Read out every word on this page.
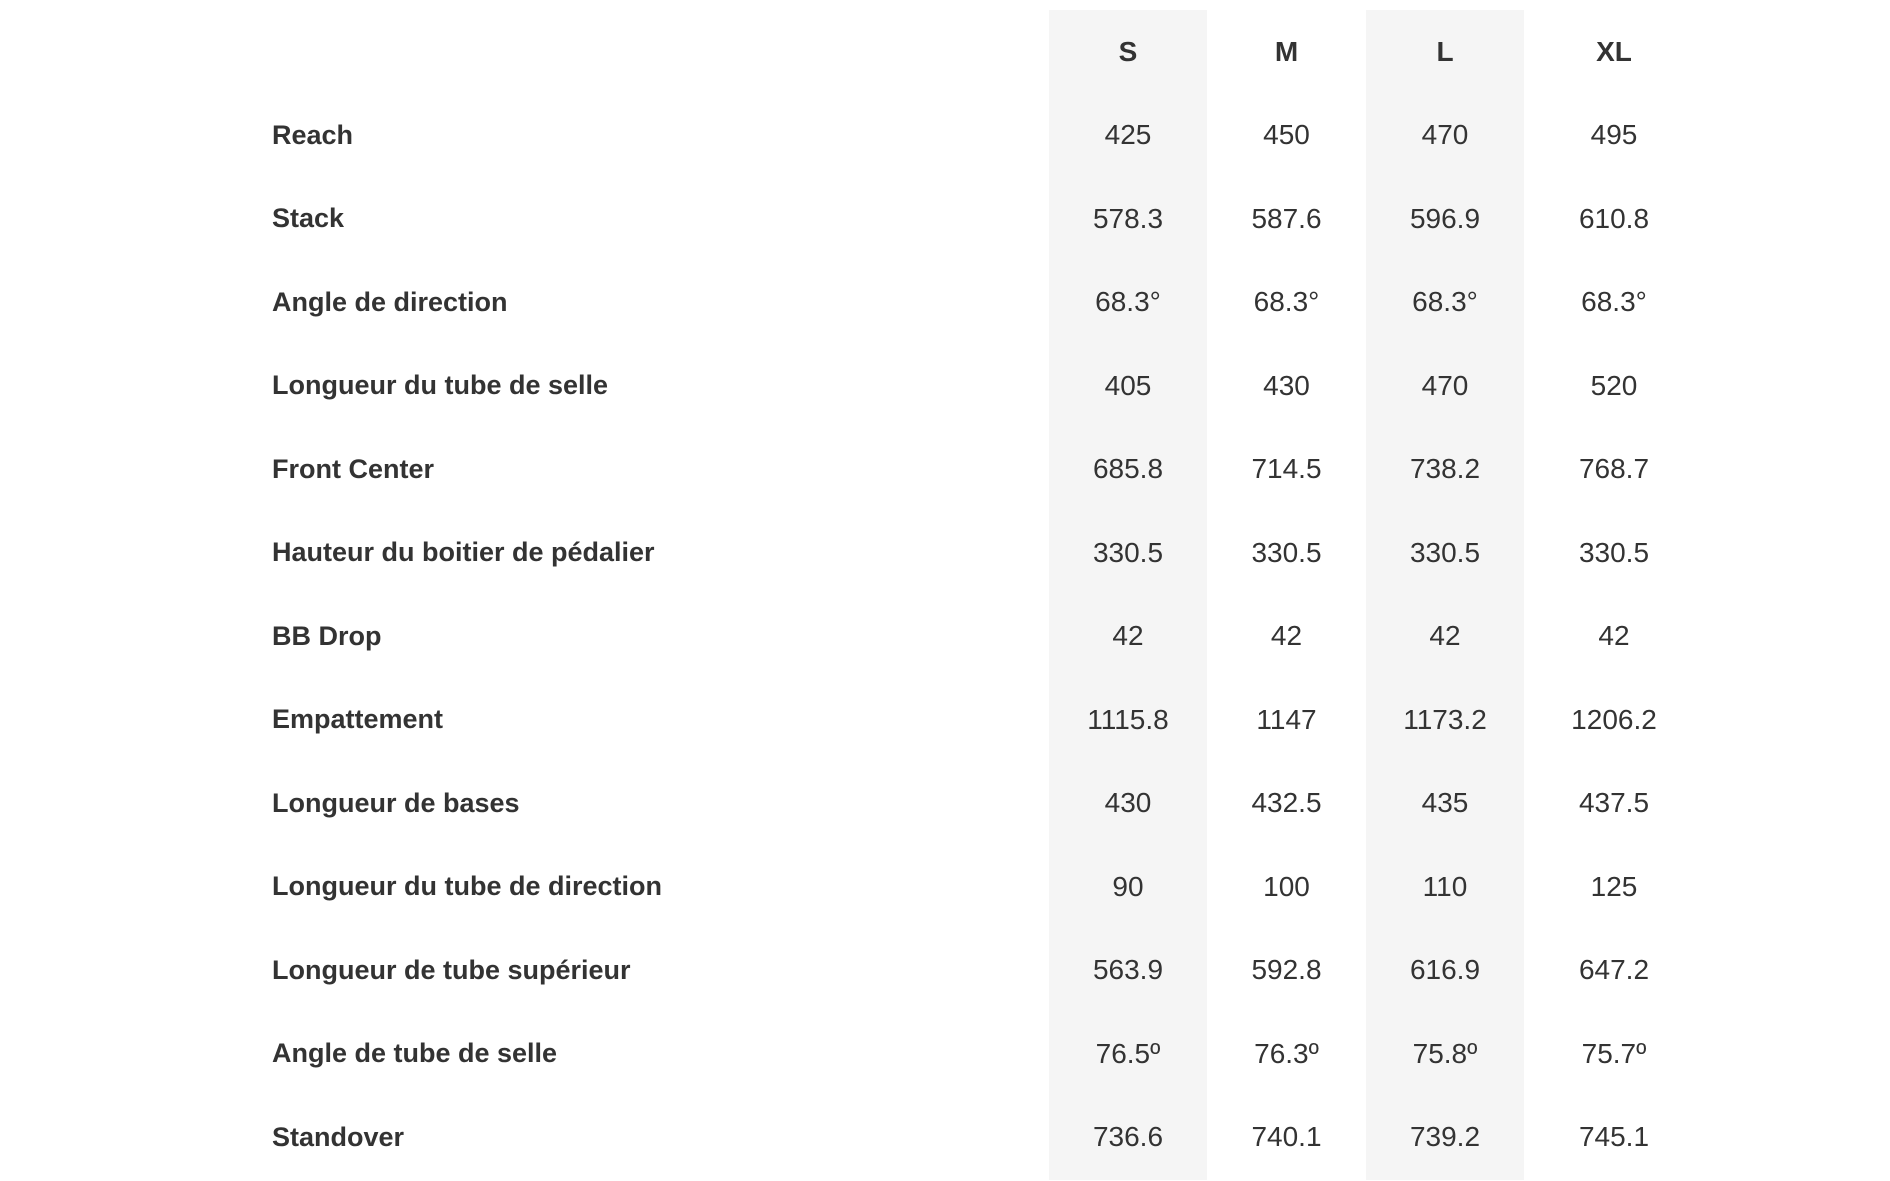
	S	M	L	XL
Reach	425	450	470	495
Stack	578.3	587.6	596.9	610.8
Angle de direction	68.3°	68.3°	68.3°	68.3°
Longueur du tube de selle	405	430	470	520
Front Center	685.8	714.5	738.2	768.7
Hauteur du boitier de pédalier	330.5	330.5	330.5	330.5
BB Drop	42	42	42	42
Empattement	1115.8	1147	1173.2	1206.2
Longueur de bases	430	432.5	435	437.5
Longueur du tube de direction	90	100	110	125
Longueur de tube supérieur	563.9	592.8	616.9	647.2
Angle de tube de selle	76.5º	76.3º	75.8º	75.7º
Standover	736.6	740.1	739.2	745.1
